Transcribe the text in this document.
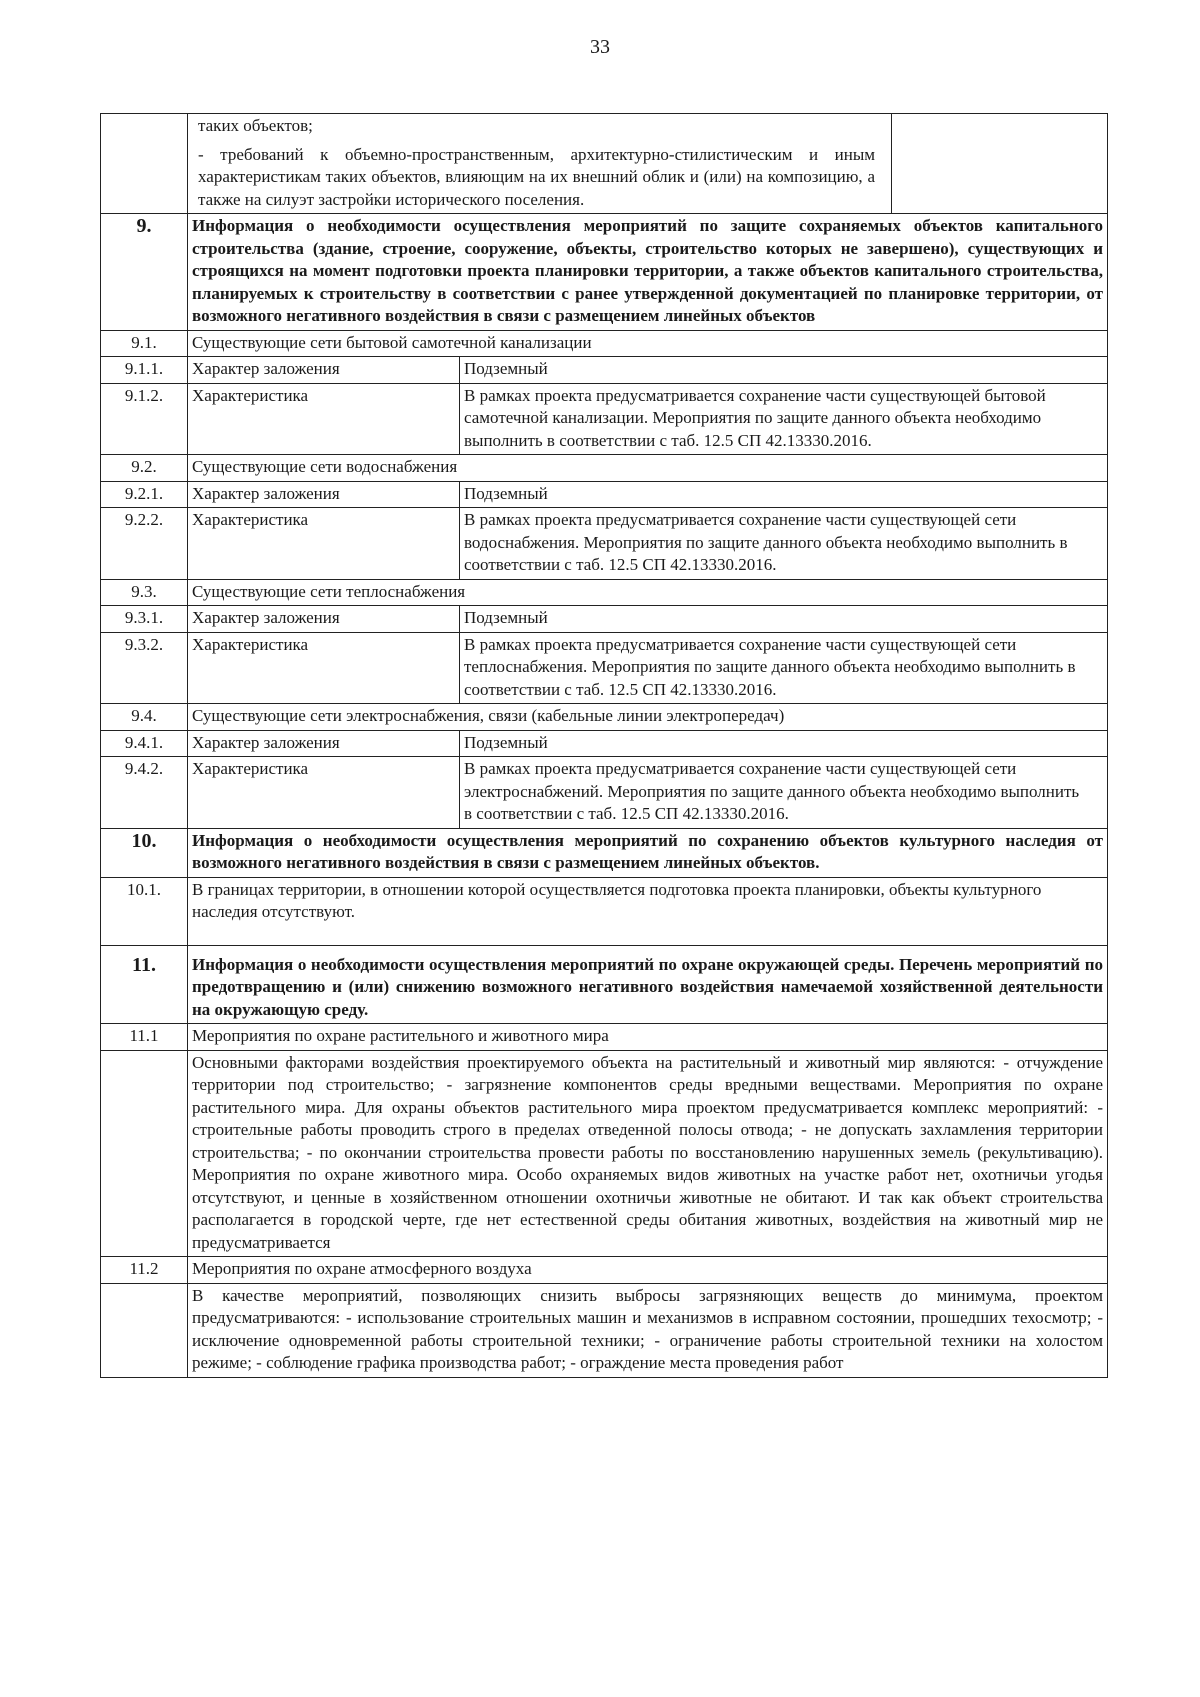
33

	таких объектов;
- требований к объемно-пространственным, архитектурно-стилистическим и иным характеристикам таких объектов, влияющим на их внешний облик и (или) на композицию, а также на силуэт застройки исторического поселения.		

9.	Информация о необходимости осуществления мероприятий по защите сохраняемых объектов капитального строительства (здание, строение, сооружение, объекты, строительство которых не завершено), существующих и строящихся на момент подготовки проекта планировки территории, а также объектов капитального строительства, планируемых к строительству в соответствии с ранее утвержденной документацией по планировке территории, от возможного негативного воздействия в связи с размещением линейных объектов		
9.1.	Существующие сети бытовой самотечной канализации		
9.1.1.	Характер заложения	Подземный	
9.1.2.	Характеристика	В рамках проекта предусматривается сохранение части существующей бытовой самотечной канализации. Мероприятия по защите данного объекта необходимо выполнить в соответствии с таб. 12.5 СП 42.13330.2016.	
9.2.	Существующие сети водоснабжения		
9.2.1.	Характер заложения	Подземный	
9.2.2.	Характеристика	В рамках проекта предусматривается сохранение части существующей сети водоснабжения. Мероприятия по защите данного объекта необходимо выполнить в соответствии с таб. 12.5 СП 42.13330.2016.	
9.3.	Существующие сети теплоснабжения		
9.3.1.	Характер заложения	Подземный	
9.3.2.	Характеристика	В рамках проекта предусматривается сохранение части существующей сети теплоснабжения. Мероприятия по защите данного объекта необходимо выполнить в соответствии с таб. 12.5 СП 42.13330.2016.	
9.4.	Существующие сети электроснабжения, связи (кабельные линии электропередач)		
9.4.1.	Характер заложения	Подземный	
9.4.2.	Характеристика	В рамках проекта предусматривается сохранение части существующей сети электроснабжений. Мероприятия по защите данного объекта необходимо выполнить в соответствии с таб. 12.5 СП 42.13330.2016.	
10.	Информация о необходимости осуществления мероприятий по сохранению объектов культурного наследия от возможного негативного воздействия в связи с размещением линейных объектов.		
10.1.	В границах территории, в отношении которой осуществляется подготовка проекта планировки, объекты культурного наследия отсутствуют.		
11.	Информация о необходимости осуществления мероприятий по охране окружающей среды. Перечень мероприятий по предотвращению и (или) снижению возможного негативного воздействия намечаемой хозяйственной деятельности на окружающую среду.		
11.1	Мероприятия по охране растительного и животного мира		
	Основными факторами воздействия проектируемого объекта на растительный и животный мир являются: - отчуждение территории под строительство; - загрязнение компонентов среды вредными веществами. Мероприятия по охране растительного мира. Для охраны объектов растительного мира проектом предусматривается комплекс мероприятий: - строительные работы проводить строго в пределах отведенной полосы отвода; - не допускать захламления территории строительства; - по окончании строительства провести работы по восстановлению нарушенных земель (рекультивацию). Мероприятия по охране животного мира. Особо охраняемых видов животных на участке работ нет, охотничьи угодья отсутствуют, и ценные в хозяйственном отношении охотничьи животные не обитают. И так как объект строительства располагается в городской черте, где нет естественной среды обитания животных, воздействия на животный мир не предусматривается		
11.2	Мероприятия по охране атмосферного воздуха		
	В качестве мероприятий, позволяющих снизить выбросы загрязняющих веществ до минимума, проектом предусматриваются: - использование строительных машин и механизмов в исправном состоянии, прошедших техосмотр; - исключение одновременной работы строительной техники; - ограничение работы строительной техники на холостом режиме; - соблюдение графика производства работ; - ограждение места проведения работ		
